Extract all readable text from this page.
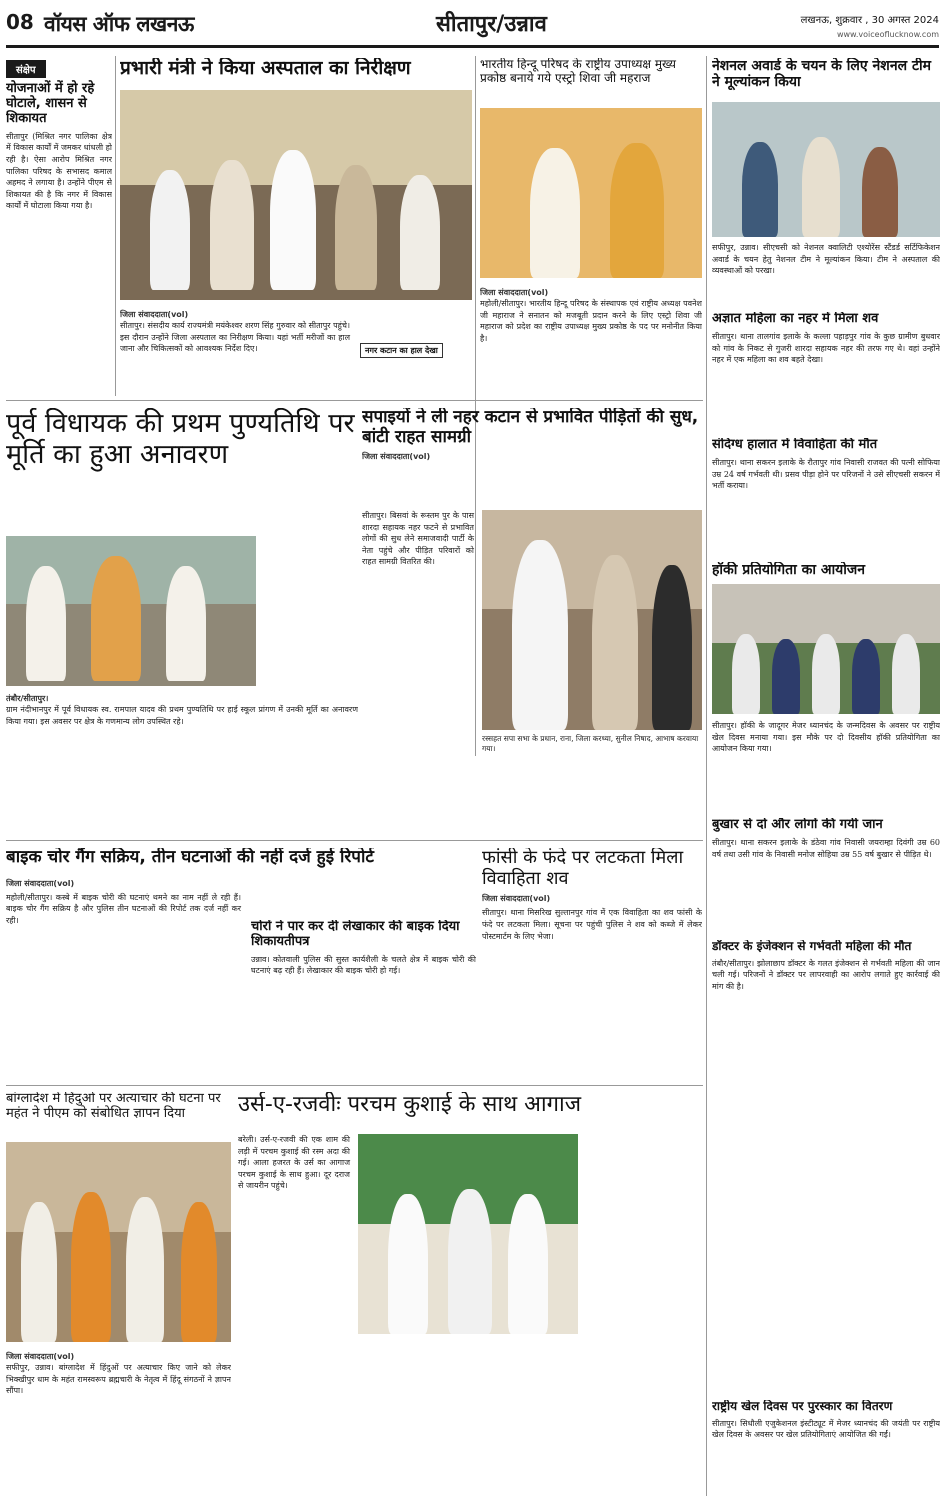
08 वॉयस ऑफ लखनऊ	सीतापुर/उन्नाव	लखनऊ, शुक्रवार , 30 अगस्त 2024
www.voiceoflucknow.com
संक्षेप
योजनाओं में हो रहे घोटाले, शासन से शिकायत
सीतापुर (मिश्रित नगर पालिका क्षेत्र में विकास कार्यों में जमकर धांधली हो रही है। ऐसा आरोप मिश्रित नगर पालिका परिषद के सभासद कमाल अहमद ने लगाया है। उन्होंने पीएम से शिकायत की है कि नगर में विकास कार्यों में घोटाला किया गया है।
प्रभारी मंत्री ने किया अस्पताल का निरीक्षण
जिला संवाददाता(vol)
सीतापुर। संसदीय कार्य राज्यमंत्री मयंकेश्वर शरण सिंह गुरुवार को सीतापुर पहुंचे। इस दौरान उन्होंने जिला अस्पताल का निरीक्षण किया। यहां भर्ती मरीजों का हाल जाना और चिकित्सकों को आवश्यक निर्देश दिए।	नगर कटान का हाल देखा
भारतीय हिन्दू परिषद के राष्ट्रीय उपाध्यक्ष मुख्य प्रकोष्ठ बनाये गये एस्ट्रो शिवा जी महराज
जिला संवाददाता(vol)
महोली/सीतापुर। भारतीय हिन्दू परिषद के संस्थापक एवं राष्ट्रीय अध्यक्ष पवनेश जी महाराज ने सनातन को मजबूती प्रदान करने के लिए एस्ट्रो शिवा जी महाराज को प्रदेश का राष्ट्रीय उपाध्यक्ष मुख्य प्रकोष्ठ के पद पर मनोनीत किया है।
नेशनल अवार्ड के चयन के लिए नेशनल टीम ने मूल्यांकन किया
सफीपुर, उन्नाव। सीएचसी को नेशनल क्वालिटी एश्योरेंस स्टैंडर्ड सर्टिफिकेशन अवार्ड के चयन हेतु नेशनल टीम ने मूल्यांकन किया। टीम ने अस्पताल की व्यवस्थाओं को परखा।
अज्ञात महिला का नहर में मिला शव
सीतापुर। थाना तालगांव इलाके के कल्ला पहाड़पुर गांव के कुछ ग्रामीण बुधवार को गांव के निकट से गुजरी शारदा सहायक नहर की तरफ गए थे। वहां उन्होंने नहर में एक महिला का शव बहते देखा।
संदिग्ध हालात में विवाहिता की मौत
सीतापुर। थाना सकरन इलाके के रौतापुर गांव निवासी राजवत की पत्नी सोफिया उम्र 24 वर्ष गर्भवती थी। प्रसव पीड़ा होने पर परिजनों ने उसे सीएचसी सकरन में भर्ती कराया।
हॉकी प्रतियोगिता का आयोजन
सीतापुर। हॉकी के जादूगर मेजर ध्यानचंद के जन्मदिवस के अवसर पर राष्ट्रीय खेल दिवस मनाया गया। इस मौके पर दो दिवसीय हॉकी प्रतियोगिता का आयोजन किया गया।
बुखार से दो और लोगों की गयी जान
सीतापुर। थाना सकरन इलाके के डंठेवा गांव निवासी जयराम्हा दिवंगी उम्र 60 वर्ष तथा उसी गांव के निवासी मनोज सोहिया उम्र 55 वर्ष बुखार से पीड़ित थे।
डॉक्टर के इंजेक्शन से गर्भवती महिला की मौत
तंबौर/सीतापुर। झोलाछाप डॉक्टर के गलत इंजेक्शन से गर्भवती महिला की जान चली गई। परिजनों ने डॉक्टर पर लापरवाही का आरोप लगाते हुए कार्रवाई की मांग की है।
राष्ट्रीय खेल दिवस पर पुरस्कार का वितरण
सीतापुर। सिधौली एजुकेशनल इंस्टीट्यूट में मेजर ध्यानचंद की जयंती पर राष्ट्रीय खेल दिवस के अवसर पर खेल प्रतियोगिताएं आयोजित की गईं।
पूर्व विधायक की प्रथम पुण्यतिथि पर मूर्ति का हुआ अनावरण
तंबौर/सीतापुर।
ग्राम नंदीभानपुर में पूर्व विधायक स्व. रामपाल यादव की प्रथम पुण्यतिथि पर हाई स्कूल प्रांगण में उनकी मूर्ति का अनावरण किया गया। इस अवसर पर क्षेत्र के गणमान्य लोग उपस्थित रहे।
सपाइयों ने ली नहर कटान से प्रभावित पीड़ितों की सुध, बांटी राहत सामग्री
जिला संवाददाता(vol)
रस्सहत सपा सभा के प्रधान, राना, जिला करथ्या, सुनील निषाद, आभाष करवाया गया।
सीतापुर। बिसवां के रूस्तम पुर के पास शारदा सहायक नहर फटने से प्रभावित लोगों की सुध लेने समाजवादी पार्टी के नेता पहुंचे और पीड़ित परिवारों को राहत सामग्री वितरित की।
बाइक चोर गैंग सक्रिय, तीन घटनाओं की नहीं दर्ज हुई रिपोर्ट
जिला संवाददाता(vol)
महोली/सीतापुर। कस्बे में बाइक चोरी की घटनाएं थमने का नाम नहीं ले रही हैं। बाइक चोर गैंग सक्रिय है और पुलिस तीन घटनाओं की रिपोर्ट तक दर्ज नहीं कर रही।	चोरों ने पार कर दी लेखाकार की बाइक दिया शिकायतीपत्र
उन्नाव। कोतवाली पुलिस की सुस्त कार्यशैली के चलते क्षेत्र में बाइक चोरी की घटनाएं बढ़ रही हैं। लेखाकार की बाइक चोरी हो गई।
फांसी के फंदे पर लटकता मिला विवाहिता शव
जिला संवाददाता(vol)
सीतापुर। थाना मिसरिख सुल्तानपुर गांव में एक विवाहिता का शव फांसी के फंदे पर लटकता मिला। सूचना पर पहुंची पुलिस ने शव को कब्जे में लेकर पोस्टमार्टम के लिए भेजा।
बांग्लादेश में हिंदुओं पर अत्याचार की घटना पर महंत ने पीएम को संबोधित ज्ञापन दिया
जिला संवाददाता(vol)
सफीपुर, उन्नाव। बांग्लादेश में हिंदुओं पर अत्याचार किए जाने को लेकर भिक्खीपुर धाम के महंत रामस्वरूप ब्रह्मचारी के नेतृत्व में हिंदू संगठनों ने ज्ञापन सौंपा।
उर्स-ए-रजवीः परचम कुशाई के साथ आगाज
बरेली। उर्स-ए-रजवी की एक शाम की लड़ी में परचम कुशाई की रस्म अदा की गई। आला हजरत के उर्स का आगाज परचम कुशाई के साथ हुआ। दूर दराज से जायरीन पहुंचे।
